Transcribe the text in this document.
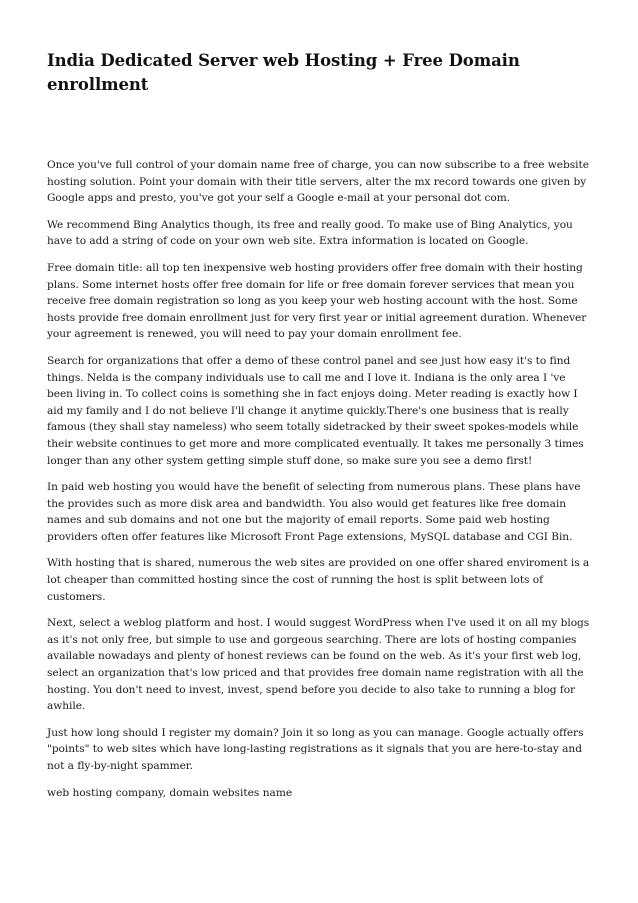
India Dedicated Server web Hosting + Free Domain enrollment

Once you've full control of your domain name free of charge, you can now subscribe to a free website hosting solution. Point your domain with their title servers, alter the mx record towards one given by Google apps and presto, you've got your self a Google e-mail at your personal dot com.

We recommend Bing Analytics though, its free and really good. To make use of Bing Analytics, you have to add a string of code on your own web site. Extra information is located on Google.

Free domain title: all top ten inexpensive web hosting providers offer free domain with their hosting plans. Some internet hosts offer free domain for life or free domain forever services that mean you receive free domain registration so long as you keep your web hosting account with the host. Some hosts provide free domain enrollment just for very first year or initial agreement duration. Whenever your agreement is renewed, you will need to pay your domain enrollment fee.

Search for organizations that offer a demo of these control panel and see just how easy it's to find things. Nelda is the company individuals use to call me and I love it. Indiana is the only area I 've been living in. To collect coins is something she in fact enjoys doing. Meter reading is exactly how I aid my family and I do not believe I'll change it anytime quickly.There's one business that is really famous (they shall stay nameless) who seem totally sidetracked by their sweet spokes-models while their website continues to get more and more complicated eventually. It takes me personally 3 times longer than any other system getting simple stuff done, so make sure you see a demo first!

In paid web hosting you would have the benefit of selecting from numerous plans. These plans have the provides such as more disk area and bandwidth. You also would get features like free domain names and sub domains and not one but the majority of email reports. Some paid web hosting providers often offer features like Microsoft Front Page extensions, MySQL database and CGI Bin.

With hosting that is shared, numerous the web sites are provided on one offer shared enviroment is a lot cheaper than committed hosting since the cost of running the host is split between lots of customers.

Next, select a weblog platform and host. I would suggest WordPress when I've used it on all my blogs as it's not only free, but simple to use and gorgeous searching. There are lots of hosting companies available nowadays and plenty of honest reviews can be found on the web. As it's your first web log, select an organization that's low priced and that provides free domain name registration with all the hosting. You don't need to invest, invest, spend before you decide to also take to running a blog for awhile.

Just how long should I register my domain? Join it so long as you can manage. Google actually offers "points" to web sites which have long-lasting registrations as it signals that you are here-to-stay and not a fly-by-night spammer.

web hosting company, domain websites name
